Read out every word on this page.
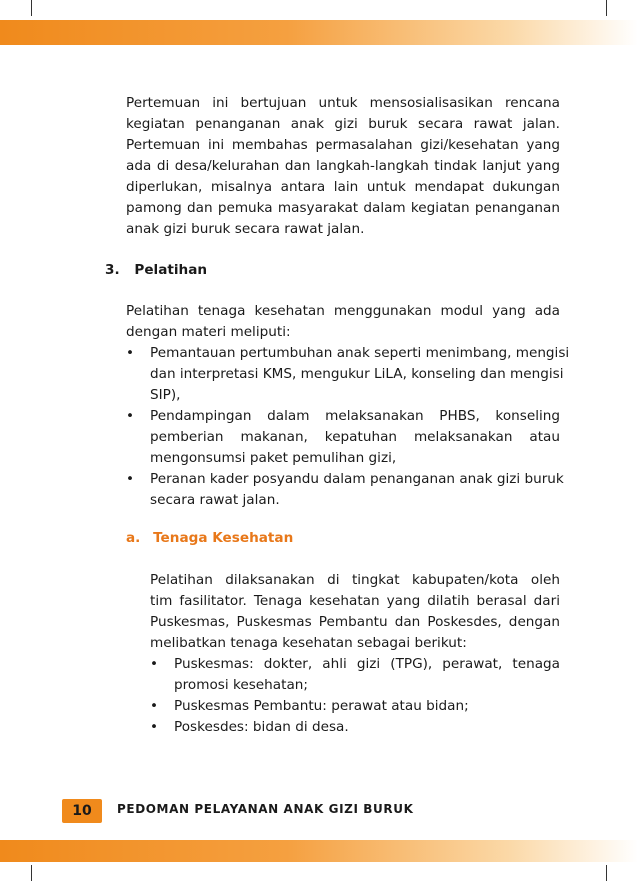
Pertemuan ini bertujuan untuk mensosialisasikan rencana
kegiatan penanganan anak gizi buruk secara rawat jalan.
Pertemuan ini membahas permasalahan gizi/kesehatan yang
ada di desa/kelurahan dan langkah-langkah tindak lanjut yang
diperlukan, misalnya antara lain untuk mendapat dukungan
pamong dan pemuka masyarakat dalam kegiatan penanganan
anak gizi buruk secara rawat jalan.
3. Pelatihan
Pelatihan tenaga kesehatan menggunakan modul yang ada
dengan materi meliputi:
• Pemantauan pertumbuhan anak seperti menimbang, mengisi
dan interpretasi KMS, mengukur LiLA, konseling dan mengisi
SIP),
• Pendampingan dalam melaksanakan PHBS, konseling
pemberian makanan, kepatuhan melaksanakan atau
mengonsumsi paket pemulihan gizi,
• Peranan kader posyandu dalam penanganan anak gizi buruk
secara rawat jalan.
a. Tenaga Kesehatan
Pelatihan dilaksanakan di tingkat kabupaten/kota oleh
tim fasilitator. Tenaga kesehatan yang dilatih berasal dari
Puskesmas, Puskesmas Pembantu dan Poskesdes, dengan
melibatkan tenaga kesehatan sebagai berikut:
• Puskesmas: dokter, ahli gizi (TPG), perawat, tenaga
promosi kesehatan;
• Puskesmas Pembantu: perawat atau bidan;
• Poskesdes: bidan di desa.
10	PEDOMAN PELAYANAN ANAK GIZI BURUK
